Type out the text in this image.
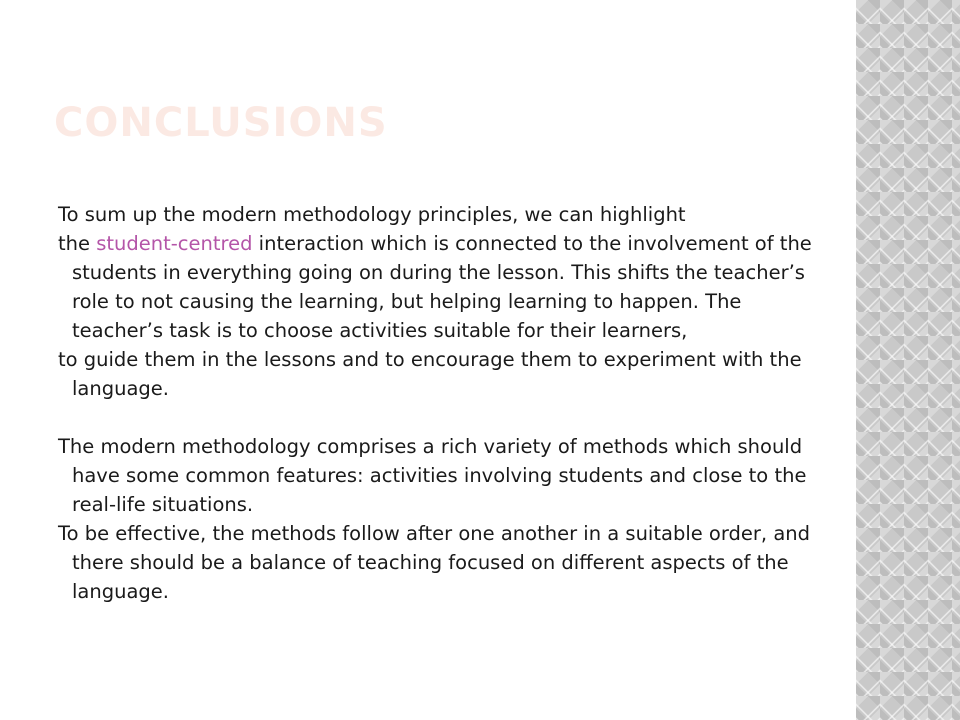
CONCLUSIONS

To sum up the modern methodology principles, we can highlight

the student-centred interaction which is connected to the involvement of the students in everything going on during the lesson. This shifts the teacher’s role to not causing the learning, but helping learning to happen. The teacher’s task is to choose activities suitable for their learners,

to guide them in the lessons and to encourage them to experiment with the language.

The modern methodology comprises a rich variety of methods which should have some common features: activities involving students and close to the real-life situations.

To be effective, the methods follow after one another in a suitable order, and there should be a balance of teaching focused on different aspects of the language.
